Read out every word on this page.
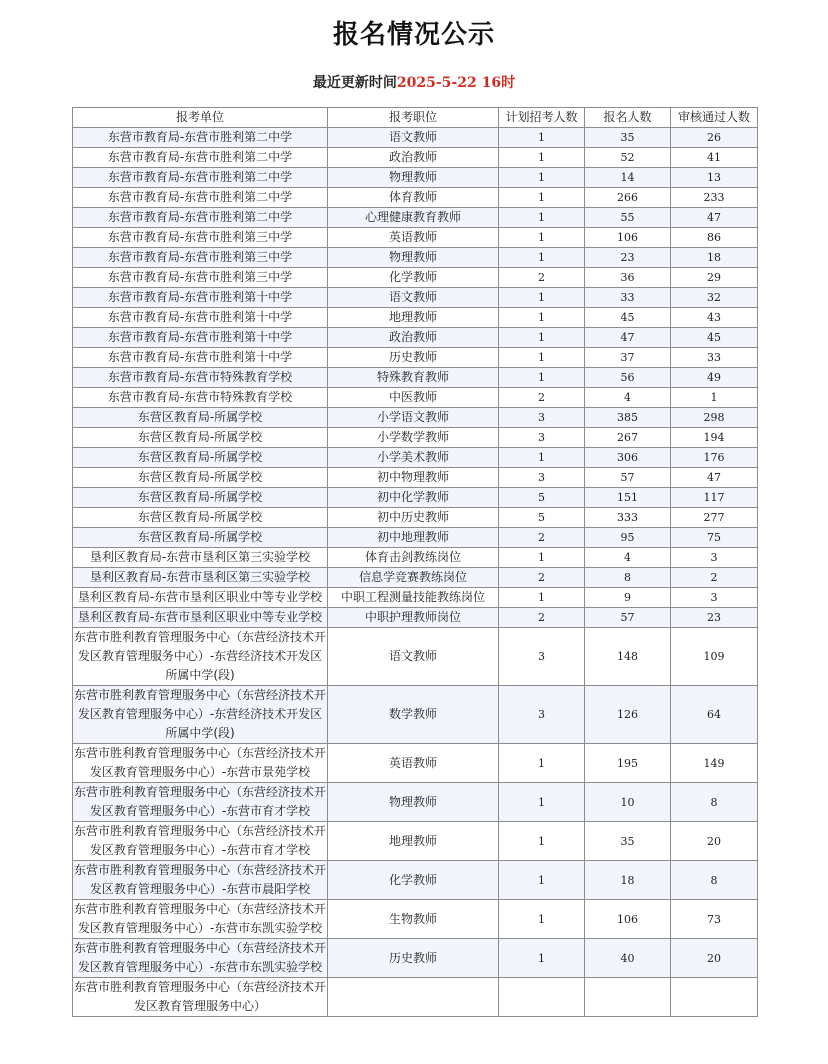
报名情况公示
最近更新时间2025-5-22 16时
报考单位	报考职位	计划招考人数	报名人数	审核通过人数
东营市教育局-东营市胜利第二中学	语文教师	1	35	26
东营市教育局-东营市胜利第二中学	政治教师	1	52	41
东营市教育局-东营市胜利第二中学	物理教师	1	14	13
东营市教育局-东营市胜利第二中学	体育教师	1	266	233
东营市教育局-东营市胜利第二中学	心理健康教育教师	1	55	47
东营市教育局-东营市胜利第三中学	英语教师	1	106	86
东营市教育局-东营市胜利第三中学	物理教师	1	23	18
东营市教育局-东营市胜利第三中学	化学教师	2	36	29
东营市教育局-东营市胜利第十中学	语文教师	1	33	32
东营市教育局-东营市胜利第十中学	地理教师	1	45	43
东营市教育局-东营市胜利第十中学	政治教师	1	47	45
东营市教育局-东营市胜利第十中学	历史教师	1	37	33
东营市教育局-东营市特殊教育学校	特殊教育教师	1	56	49
东营市教育局-东营市特殊教育学校	中医教师	2	4	1
东营区教育局-所属学校	小学语文教师	3	385	298
东营区教育局-所属学校	小学数学教师	3	267	194
东营区教育局-所属学校	小学美术教师	1	306	176
东营区教育局-所属学校	初中物理教师	3	57	47
东营区教育局-所属学校	初中化学教师	5	151	117
东营区教育局-所属学校	初中历史教师	5	333	277
东营区教育局-所属学校	初中地理教师	2	95	75
垦利区教育局-东营市垦利区第三实验学校	体育击剑教练岗位	1	4	3
垦利区教育局-东营市垦利区第三实验学校	信息学竞赛教练岗位	2	8	2
垦利区教育局-东营市垦利区职业中等专业学校	中职工程测量技能教练岗位	1	9	3
垦利区教育局-东营市垦利区职业中等专业学校	中职护理教师岗位	2	57	23
东营市胜利教育管理服务中心（东营经济技术开发区教育管理服务中心）-东营经济技术开发区所属中学(段)	语文教师	3	148	109
东营市胜利教育管理服务中心（东营经济技术开发区教育管理服务中心）-东营经济技术开发区所属中学(段)	数学教师	3	126	64
东营市胜利教育管理服务中心（东营经济技术开发区教育管理服务中心）-东营市景苑学校	英语教师	1	195	149
东营市胜利教育管理服务中心（东营经济技术开发区教育管理服务中心）-东营市育才学校	物理教师	1	10	8
东营市胜利教育管理服务中心（东营经济技术开发区教育管理服务中心）-东营市育才学校	地理教师	1	35	20
东营市胜利教育管理服务中心（东营经济技术开发区教育管理服务中心）-东营市晨阳学校	化学教师	1	18	8
东营市胜利教育管理服务中心（东营经济技术开发区教育管理服务中心）-东营市东凯实验学校	生物教师	1	106	73
东营市胜利教育管理服务中心（东营经济技术开发区教育管理服务中心）-东营市东凯实验学校	历史教师	1	40	20
东营市胜利教育管理服务中心（东营经济技术开发区教育管理服务中心）				
